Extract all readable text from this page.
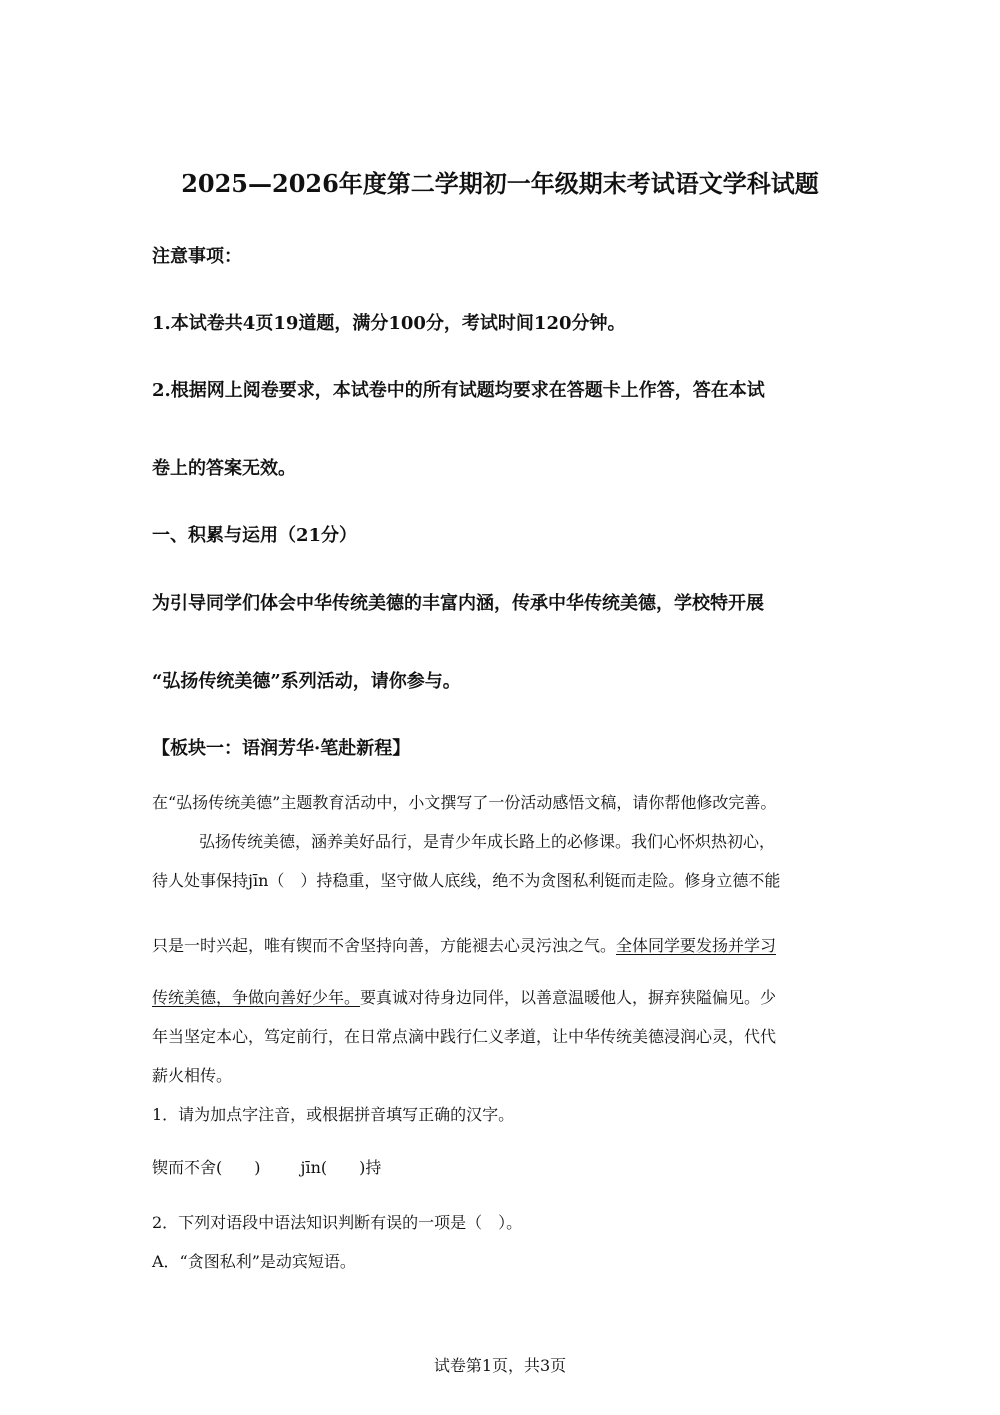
2025—2026年度第二学期初一年级期末考试语文学科试题
注意事项：
1.本试卷共4页19道题，满分100分，考试时间120分钟。
2.根据网上阅卷要求，本试卷中的所有试题均要求在答题卡上作答，答在本试
卷上的答案无效。
一、积累与运用（21分）
为引导同学们体会中华传统美德的丰富内涵，传承中华传统美德，学校特开展
“弘扬传统美德”系列活动，请你参与。
【板块一：语润芳华·笔赴新程】
在“弘扬传统美德”主题教育活动中，小文撰写了一份活动感悟文稿，请你帮他修改完善。
弘扬传统美德，涵养美好品行，是青少年成长路上的必修课。我们心怀炽热初心，
待人处事保持jīn（　）持稳重，坚守做人底线，绝不为贪图私利铤而走险。修身立德不能
只是一时兴起，唯有锲而不舍坚持向善，方能褪去心灵污浊之气。全体同学要发扬并学习
传统美德，争做向善好少年。要真诚对待身边同伴，以善意温暖他人，摒弃狭隘偏见。少
年当坚定本心，笃定前行，在日常点滴中践行仁义孝道，让中华传统美德浸润心灵，代代
薪火相传。
1．请为加点字注音，或根据拼音填写正确的汉字。
锲而不舍(　　)	jīn(　　)持
2．下列对语段中语法知识判断有误的一项是（　）。
A．“贪图私利”是动宾短语。
试卷第1页，共3页
